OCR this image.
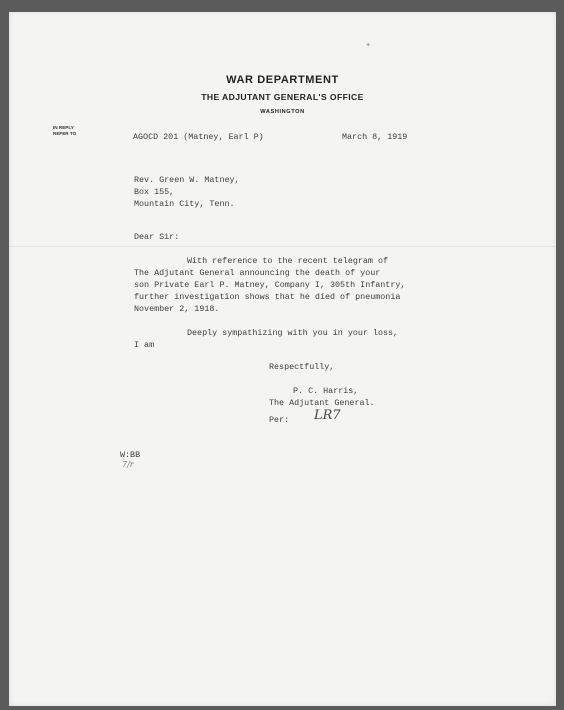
+
WAR DEPARTMENT
THE ADJUTANT GENERAL'S OFFICE
WASHINGTON
IN REPLY
REFER TO	AGOCD 201 (Matney, Earl P)	March 8, 1919
Rev. Green W. Matney,
Box 155,
Mountain City, Tenn.
Dear Sir:
With reference to the recent telegram of
The Adjutant General announcing the death of your
son Private Earl P. Matney, Company I, 305th Infantry,
further investigation shows that he died of pneumonia
November 2, 1918.
Deeply sympathizing with you in your loss,
I am
Respectfully,
P. C. Harris,
The Adjutant General.
Per: LR7
W:BB
7/r
